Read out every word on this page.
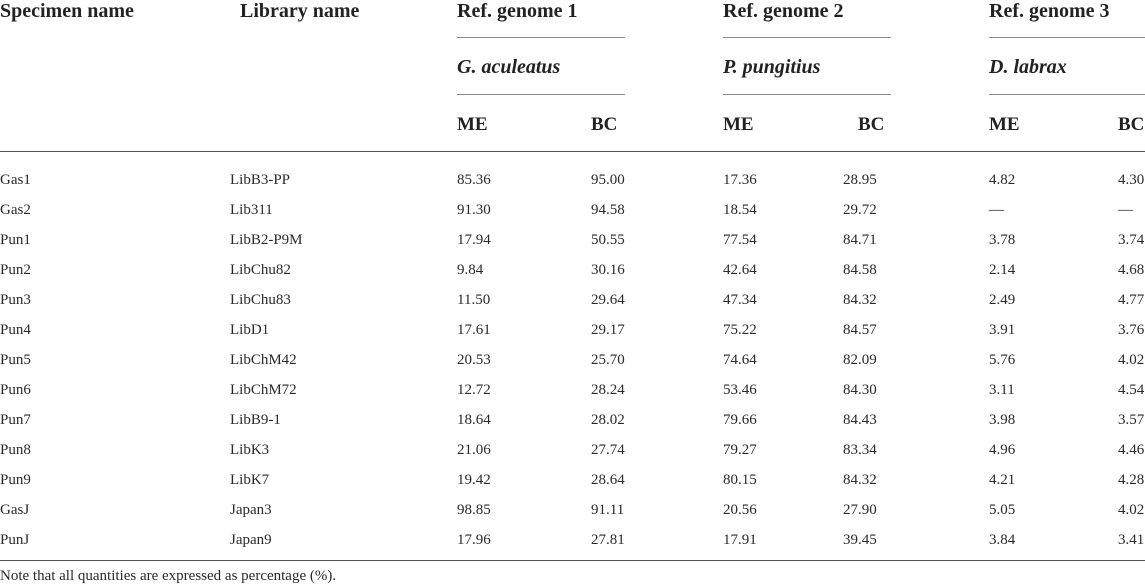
Specimen name	Library name	Ref. genome 1	Ref. genome 2	Ref. genome 3
G. aculeatus	P. pungitius	D. labrax
ME	BC	ME	BC	ME	BC
Gas1	LibB3-PP	85.36	95.00	17.36	28.95	4.82	4.30
Gas2	Lib311	91.30	94.58	18.54	29.72	—	—
Pun1	LibB2-P9M	17.94	50.55	77.54	84.71	3.78	3.74
Pun2	LibChu82	9.84	30.16	42.64	84.58	2.14	4.68
Pun3	LibChu83	11.50	29.64	47.34	84.32	2.49	4.77
Pun4	LibD1	17.61	29.17	75.22	84.57	3.91	3.76
Pun5	LibChM42	20.53	25.70	74.64	82.09	5.76	4.02
Pun6	LibChM72	12.72	28.24	53.46	84.30	3.11	4.54
Pun7	LibB9-1	18.64	28.02	79.66	84.43	3.98	3.57
Pun8	LibK3	21.06	27.74	79.27	83.34	4.96	4.46
Pun9	LibK7	19.42	28.64	80.15	84.32	4.21	4.28
GasJ	Japan3	98.85	91.11	20.56	27.90	5.05	4.02
PunJ	Japan9	17.96	27.81	17.91	39.45	3.84	3.41
Note that all quantities are expressed as percentage (%).
